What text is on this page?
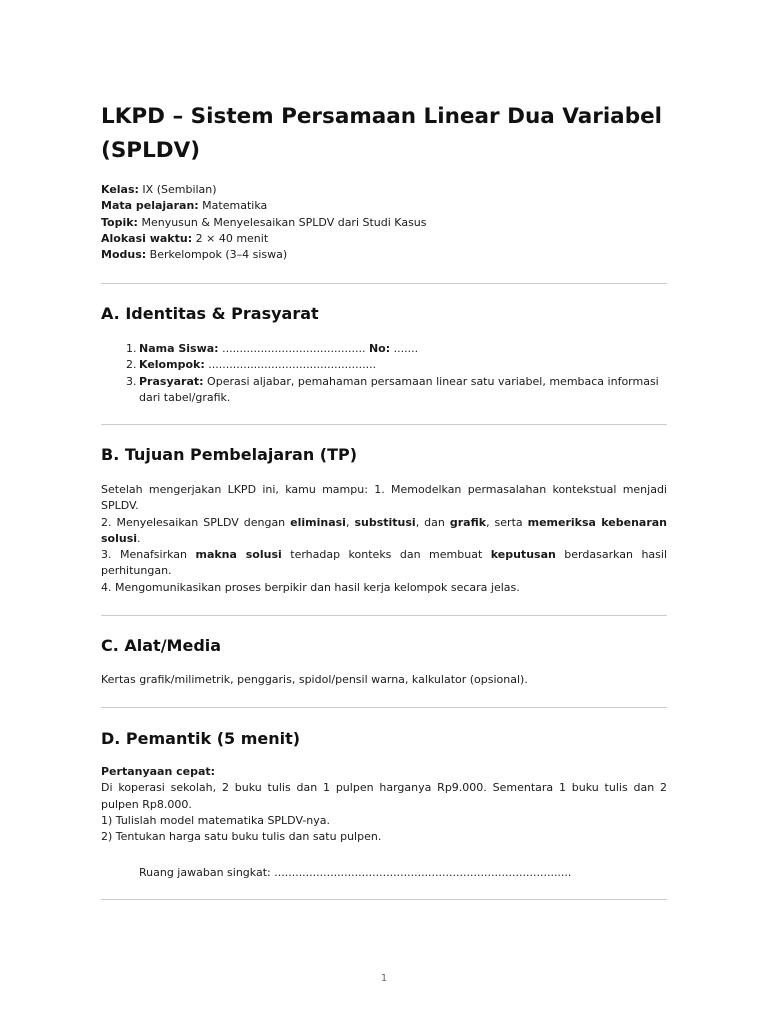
LKPD – Sistem Persamaan Linear Dua Variabel (SPLDV)
Kelas: IX (Sembilan)
Mata pelajaran: Matematika
Topik: Menyusun & Menyelesaikan SPLDV dari Studi Kasus
Alokasi waktu: 2 × 40 menit
Modus: Berkelompok (3–4 siswa)
A. Identitas & Prasyarat
1. Nama Siswa: ......................................... No: .......
2. Kelompok: ................................................
3. Prasyarat: Operasi aljabar, pemahaman persamaan linear satu variabel, membaca informasi dari tabel/grafik.
B. Tujuan Pembelajaran (TP)
Setelah mengerjakan LKPD ini, kamu mampu: 1. Memodelkan permasalahan kontekstual menjadi SPLDV.
2. Menyelesaikan SPLDV dengan eliminasi, substitusi, dan grafik, serta memeriksa kebenaran solusi.
3. Menafsirkan makna solusi terhadap konteks dan membuat keputusan berdasarkan hasil perhitungan.
4. Mengomunikasikan proses berpikir dan hasil kerja kelompok secara jelas.
C. Alat/Media
Kertas grafik/milimetrik, penggaris, spidol/pensil warna, kalkulator (opsional).
D. Pemantik (5 menit)
Pertanyaan cepat:
Di koperasi sekolah, 2 buku tulis dan 1 pulpen harganya Rp9.000. Sementara 1 buku tulis dan 2 pulpen Rp8.000.
1) Tulislah model matematika SPLDV-nya.
2) Tentukan harga satu buku tulis dan satu pulpen.
Ruang jawaban singkat: .....................................................................................
1
